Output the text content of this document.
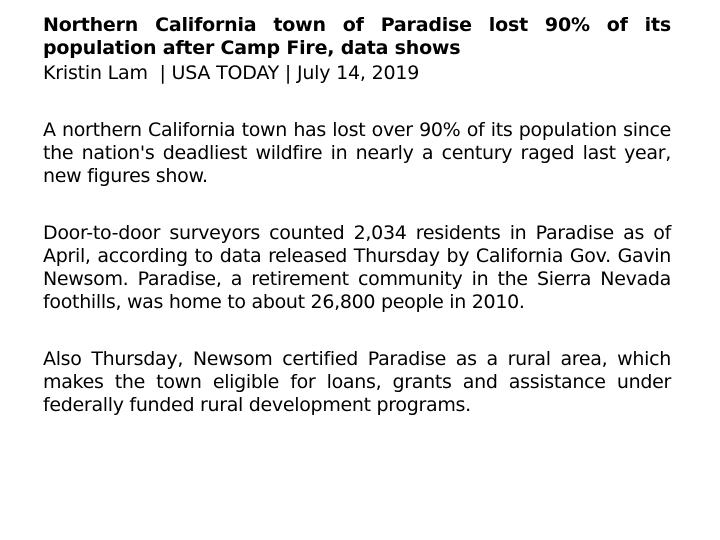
Northern California town of Paradise lost 90% of its population after Camp Fire, data shows
Kristin Lam  | USA TODAY | July 14, 2019

A northern California town has lost over 90% of its population since the nation's deadliest wildfire in nearly a century raged last year, new figures show.

Door-to-door surveyors counted 2,034 residents in Paradise as of April, according to data released Thursday by California Gov. Gavin Newsom. Paradise, a retirement community in the Sierra Nevada foothills, was home to about 26,800 people in 2010.

Also Thursday, Newsom certified Paradise as a rural area, which makes the town eligible for loans, grants and assistance under federally funded rural development programs.
